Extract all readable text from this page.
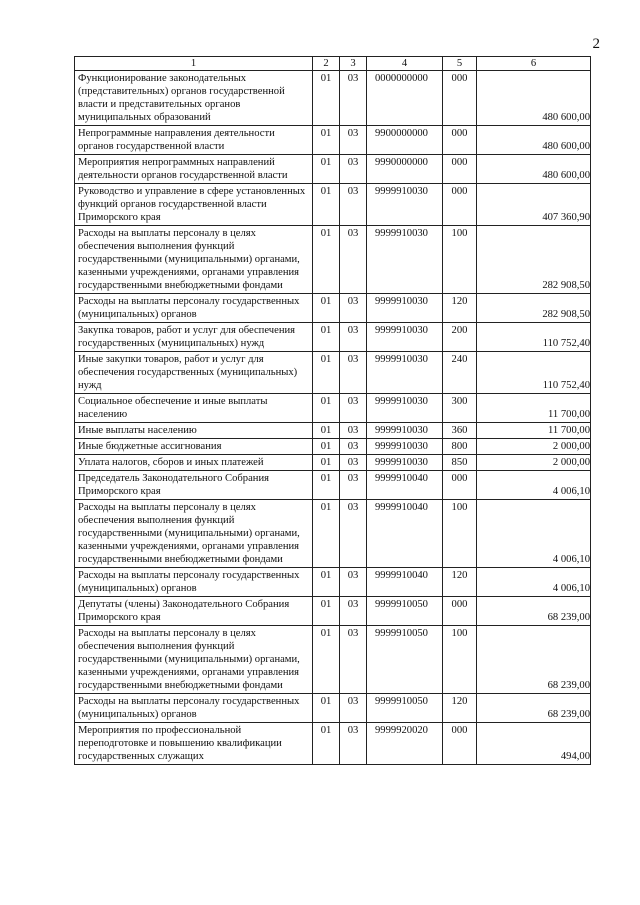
2
1	2	3	4	5	6
Функционирование законодательных (представительных) органов государственной власти и представительных органов муниципальных образований	01	03	0000000000	000	480 600,00
Непрограммные направления деятельности органов государственной власти	01	03	9900000000	000	480 600,00
Мероприятия непрограммных направлений деятельности органов государственной власти	01	03	9990000000	000	480 600,00
Руководство и управление в сфере установленных функций органов государственной власти Приморского края	01	03	9999910030	000	407 360,90
Расходы на выплаты персоналу в целях обеспечения выполнения функций государственными (муниципальными) органами, казенными учреждениями, органами управления государственными внебюджетными фондами	01	03	9999910030	100	282 908,50
Расходы на выплаты персоналу государственных (муниципальных) органов	01	03	9999910030	120	282 908,50
Закупка товаров, работ и услуг для обеспечения государственных (муниципальных) нужд	01	03	9999910030	200	110 752,40
Иные закупки товаров, работ и услуг для обеспечения государственных (муниципальных) нужд	01	03	9999910030	240	110 752,40
Социальное обеспечение и иные выплаты населению	01	03	9999910030	300	11 700,00
Иные выплаты населению	01	03	9999910030	360	11 700,00
Иные бюджетные ассигнования	01	03	9999910030	800	2 000,00
Уплата налогов, сборов и иных платежей	01	03	9999910030	850	2 000,00
Председатель Законодательного Собрания Приморского края	01	03	9999910040	000	4 006,10
Расходы на выплаты персоналу в целях обеспечения выполнения функций государственными (муниципальными) органами, казенными учреждениями, органами управления государственными внебюджетными фондами	01	03	9999910040	100	4 006,10
Расходы на выплаты персоналу государственных (муниципальных) органов	01	03	9999910040	120	4 006,10
Депутаты (члены) Законодательного Собрания Приморского края	01	03	9999910050	000	68 239,00
Расходы на выплаты персоналу в целях обеспечения выполнения функций государственными (муниципальными) органами, казенными учреждениями, органами управления государственными внебюджетными фондами	01	03	9999910050	100	68 239,00
Расходы на выплаты персоналу государственных (муниципальных) органов	01	03	9999910050	120	68 239,00
Мероприятия по профессиональной переподготовке и повышению квалификации государственных служащих	01	03	9999920020	000	494,00
